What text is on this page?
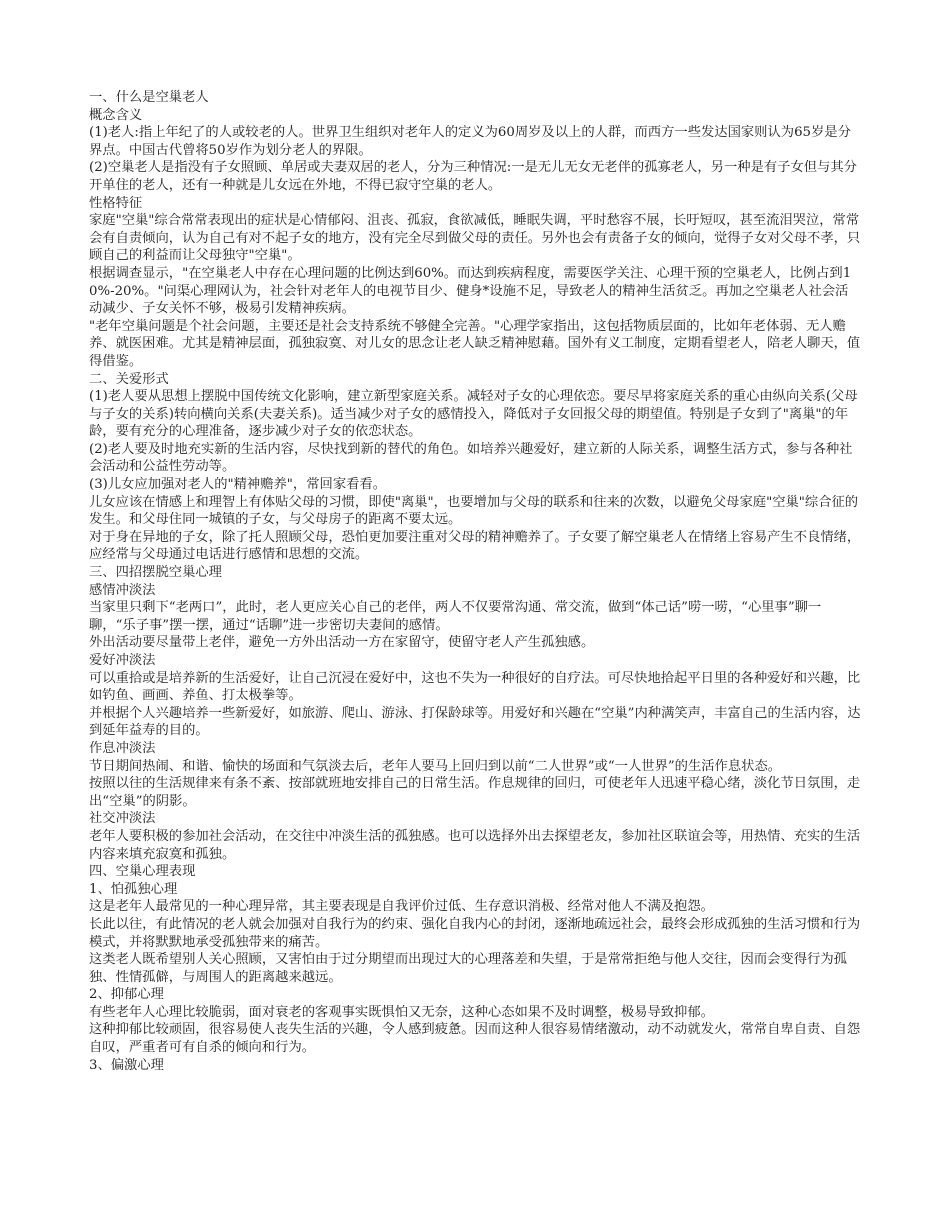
一、什么是空巢老人

概念含义

(1)老人:指上年纪了的人或较老的人。世界卫生组织对老年人的定义为60周岁及以上的人群，而西方一些发达国家则认为65岁是分界点。中国古代曾将50岁作为划分老人的界限。

(2)空巢老人是指没有子女照顾、单居或夫妻双居的老人，分为三种情况:一是无儿无女无老伴的孤寡老人，另一种是有子女但与其分开单住的老人，还有一种就是儿女远在外地，不得已寂守空巢的老人。

性格特征

家庭"空巢"综合常常表现出的症状是心情郁闷、沮丧、孤寂，食欲减低，睡眠失调，平时愁容不展，长吁短叹，甚至流泪哭泣，常常会有自责倾向，认为自己有对不起子女的地方，没有完全尽到做父母的责任。另外也会有责备子女的倾向，觉得子女对父母不孝，只顾自己的利益而让父母独守"空巢"。

根据调查显示，"在空巢老人中存在心理问题的比例达到60%。而达到疾病程度，需要医学关注、心理干预的空巢老人，比例占到10%-20%。"问渠心理网认为，社会针对老年人的电视节目少、健身*设施不足，导致老人的精神生活贫乏。再加之空巢老人社会活动减少、子女关怀不够，极易引发精神疾病。

"老年空巢问题是个社会问题，主要还是社会支持系统不够健全完善。"心理学家指出，这包括物质层面的，比如年老体弱、无人赡养、就医困难。尤其是精神层面，孤独寂寞、对儿女的思念让老人缺乏精神慰藉。国外有义工制度，定期看望老人，陪老人聊天，值得借鉴。

二、关爱形式

(1)老人要从思想上摆脱中国传统文化影响，建立新型家庭关系。减轻对子女的心理依恋。要尽早将家庭关系的重心由纵向关系(父母与子女的关系)转向横向关系(夫妻关系)。适当减少对子女的感情投入，降低对子女回报父母的期望值。特别是子女到了"离巢"的年龄，要有充分的心理准备，逐步减少对子女的依恋状态。

(2)老人要及时地充实新的生活内容，尽快找到新的替代的角色。如培养兴趣爱好，建立新的人际关系，调整生活方式，参与各种社会活动和公益性劳动等。

(3)儿女应加强对老人的"精神赡养"，常回家看看。

儿女应该在情感上和理智上有体贴父母的习惯，即使"离巢"，也要增加与父母的联系和往来的次数，以避免父母家庭"空巢"综合征的发生。和父母住同一城镇的子女，与父母房子的距离不要太远。

对于身在异地的子女，除了托人照顾父母，恐怕更加要注重对父母的精神赡养了。子女要了解空巢老人在情绪上容易产生不良情绪，应经常与父母通过电话进行感情和思想的交流。

三、四招摆脱空巢心理

感情冲淡法

当家里只剩下“老两口”，此时，老人更应关心自己的老伴，两人不仅要常沟通、常交流，做到“体己话”唠一唠，“心里事”聊一聊，“乐子事”摆一摆，通过“话聊”进一步密切夫妻间的感情。

外出活动要尽量带上老伴，避免一方外出活动一方在家留守，使留守老人产生孤独感。

爱好冲淡法

可以重拾或是培养新的生活爱好，让自己沉浸在爱好中，这也不失为一种很好的自疗法。可尽快地拾起平日里的各种爱好和兴趣，比如钓鱼、画画、养鱼、打太极拳等。

并根据个人兴趣培养一些新爱好，如旅游、爬山、游泳、打保龄球等。用爱好和兴趣在“空巢”内种满笑声，丰富自己的生活内容，达到延年益寿的目的。

作息冲淡法

节日期间热闹、和谐、愉快的场面和气氛淡去后，老年人要马上回归到以前“二人世界”或“一人世界”的生活作息状态。

按照以往的生活规律来有条不紊、按部就班地安排自己的日常生活。作息规律的回归，可使老年人迅速平稳心绪，淡化节日氛围，走出“空巢”的阴影。

社交冲淡法

老年人要积极的参加社会活动，在交往中冲淡生活的孤独感。也可以选择外出去探望老友，参加社区联谊会等，用热情、充实的生活内容来填充寂寞和孤独。

四、空巢心理表现

1、怕孤独心理

这是老年人最常见的一种心理异常，其主要表现是自我评价过低、生存意识消极、经常对他人不满及抱怨。

长此以往，有此情况的老人就会加强对自我行为的约束、强化自我内心的封闭，逐渐地疏远社会，最终会形成孤独的生活习惯和行为模式，并将默默地承受孤独带来的痛苦。

这类老人既希望别人关心照顾，又害怕由于过分期望而出现过大的心理落差和失望，于是常常拒绝与他人交往，因而会变得行为孤独、性情孤僻，与周围人的距离越来越远。

2、抑郁心理

有些老年人心理比较脆弱，面对衰老的客观事实既惧怕又无奈，这种心态如果不及时调整，极易导致抑郁。

这种抑郁比较顽固，很容易使人丧失生活的兴趣，令人感到疲惫。因而这种人很容易情绪激动，动不动就发火，常常自卑自责、自怨自叹，严重者可有自杀的倾向和行为。

3、偏激心理
